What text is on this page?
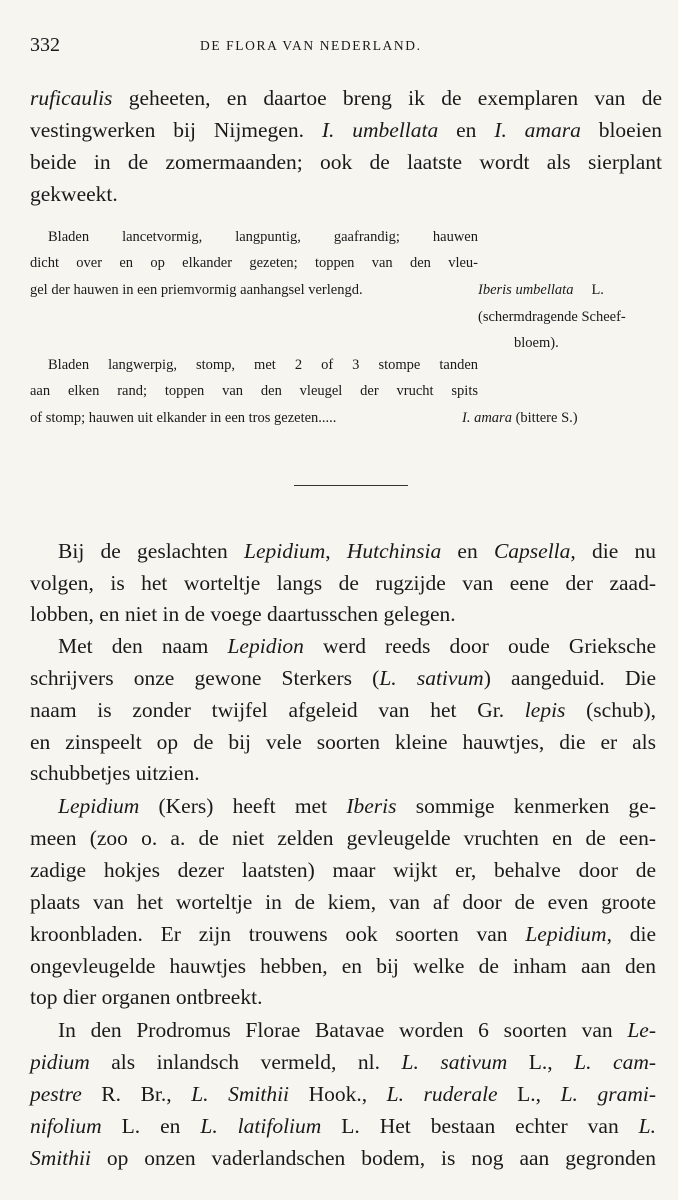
332	DE FLORA VAN NEDERLAND.
ruficaulis geheeten, en daartoe breng ik de exemplaren van de
vestingwerken bij Nijmegen. I. umbellata en I. amara bloeien
beide in de zomermaanden; ook de laatste wordt als sierplant
gekweekt.
Bladen lancetvormig, langpuntig, gaafrandig; hauwen
dicht over en op elkander gezeten; toppen van den vleu-
gel der hauwen in een priemvormig aanhangsel verlengd.	Iberis umbellata L.
(schermdragende Scheef-
bloem).
Bladen langwerpig, stomp, met 2 of 3 stompe tanden
aan elken rand; toppen van den vleugel der vrucht spits
of stomp; hauwen uit elkander in een tros gezeten.....	I. amara (bittere S.)
Bij de geslachten Lepidium, Hutchinsia en Capsella, die nu
volgen, is het worteltje langs de rugzijde van eene der zaad-
lobben, en niet in de voege daartusschen gelegen.
Met den naam Lepidion werd reeds door oude Grieksche
schrijvers onze gewone Sterkers (L. sativum) aangeduid. Die
naam is zonder twijfel afgeleid van het Gr. lepis (schub),
en zinspeelt op de bij vele soorten kleine hauwtjes, die er als
schubbetjes uitzien.
Lepidium (Kers) heeft met Iberis sommige kenmerken ge-
meen (zoo o. a. de niet zelden gevleugelde vruchten en de een-
zadige hokjes dezer laatsten) maar wijkt er, behalve door de
plaats van het worteltje in de kiem, van af door de even groote
kroonbladen. Er zijn trouwens ook soorten van Lepidium, die
ongevleugelde hauwtjes hebben, en bij welke de inham aan den
top dier organen ontbreekt.
In den Prodromus Florae Batavae worden 6 soorten van Le-
pidium als inlandsch vermeld, nl. L. sativum L., L. cam-
pestre R. Br., L. Smithii Hook., L. ruderale L., L. grami-
nifolium L. en L. latifolium L. Het bestaan echter van L.
Smithii op onzen vaderlandschen bodem, is nog aan gegronden
